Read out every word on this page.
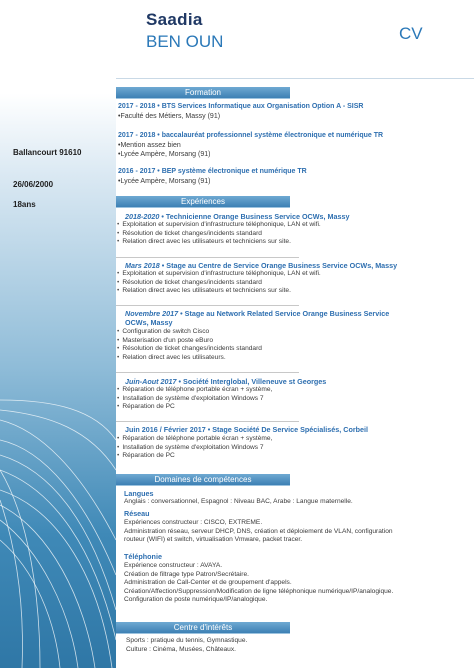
Ballancourt 91610
26/06/2000
18ans
Saadia
BEN OUN	CV
Formation
2017 - 2018 • BTS Services Informatique aux Organisation Option A - SISR
•Faculté des Métiers, Massy (91)
2017 - 2018 • baccalauréat professionnel système électronique et numérique TR
•Mention assez bien
•Lycée Ampère, Morsang (91)
2016 - 2017 • BEP système électronique et numérique TR
•Lycée Ampère, Morsang (91)
Expériences
2018-2020 • Technicienne Orange Business Service OCWs, Massy
• Exploitation et supervision d'infrastructure téléphonique, LAN et wifi.
• Résolution de ticket changes/incidents standard
• Relation direct avec les utilisateurs et techniciens sur site.
Mars 2018 • Stage au Centre de Service Orange Business Service OCWs, Massy
• Exploitation et supervision d'infrastructure téléphonique, LAN et wifi.
• Résolution de ticket changes/incidents standard
• Relation direct avec les utilisateurs et techniciens sur site.
Novembre 2017 • Stage au Network Related Service Orange Business Service
OCWs, Massy
• Configuration de switch Cisco
• Masterisation d'un poste eBuro
• Résolution de ticket changes/incidents standard
• Relation direct avec les utilisateurs.
Juin-Aout 2017 • Société Interglobal, Villeneuve st Georges
• Réparation de téléphone portable écran + système,
• Installation de système d'exploitation Windows 7
• Réparation de PC
Juin 2016 / Février 2017 • Stage Société De Service Spécialisés, Corbeil
• Réparation de téléphone portable écran + système,
• Installation de système d'exploitation Windows 7
• Réparation de PC
Domaines de compétences
Langues
Anglais : conversationnel, Espagnol : Niveau BAC, Arabe : Langue maternelle.
Réseau
Expériences constructeur : CISCO, EXTREME.
Administration réseau, serveur DHCP, DNS, création et déploiement de VLAN, configuration
routeur (WIFI) et switch, virtualisation Vmware, packet tracer.
Téléphonie
Expérience constructeur : AVAYA.
Création de filtrage type Patron/Secrétaire.
Administration de Call-Center et de groupement d'appels.
Création/Affection/Suppression/Modification de ligne téléphonique numérique/IP/analogique.
Configuration de poste numérique/IP/analogique.
Centre d'intérêts
Sports : pratique du tennis, Gymnastique.
Culture : Cinéma, Musées, Châteaux.
